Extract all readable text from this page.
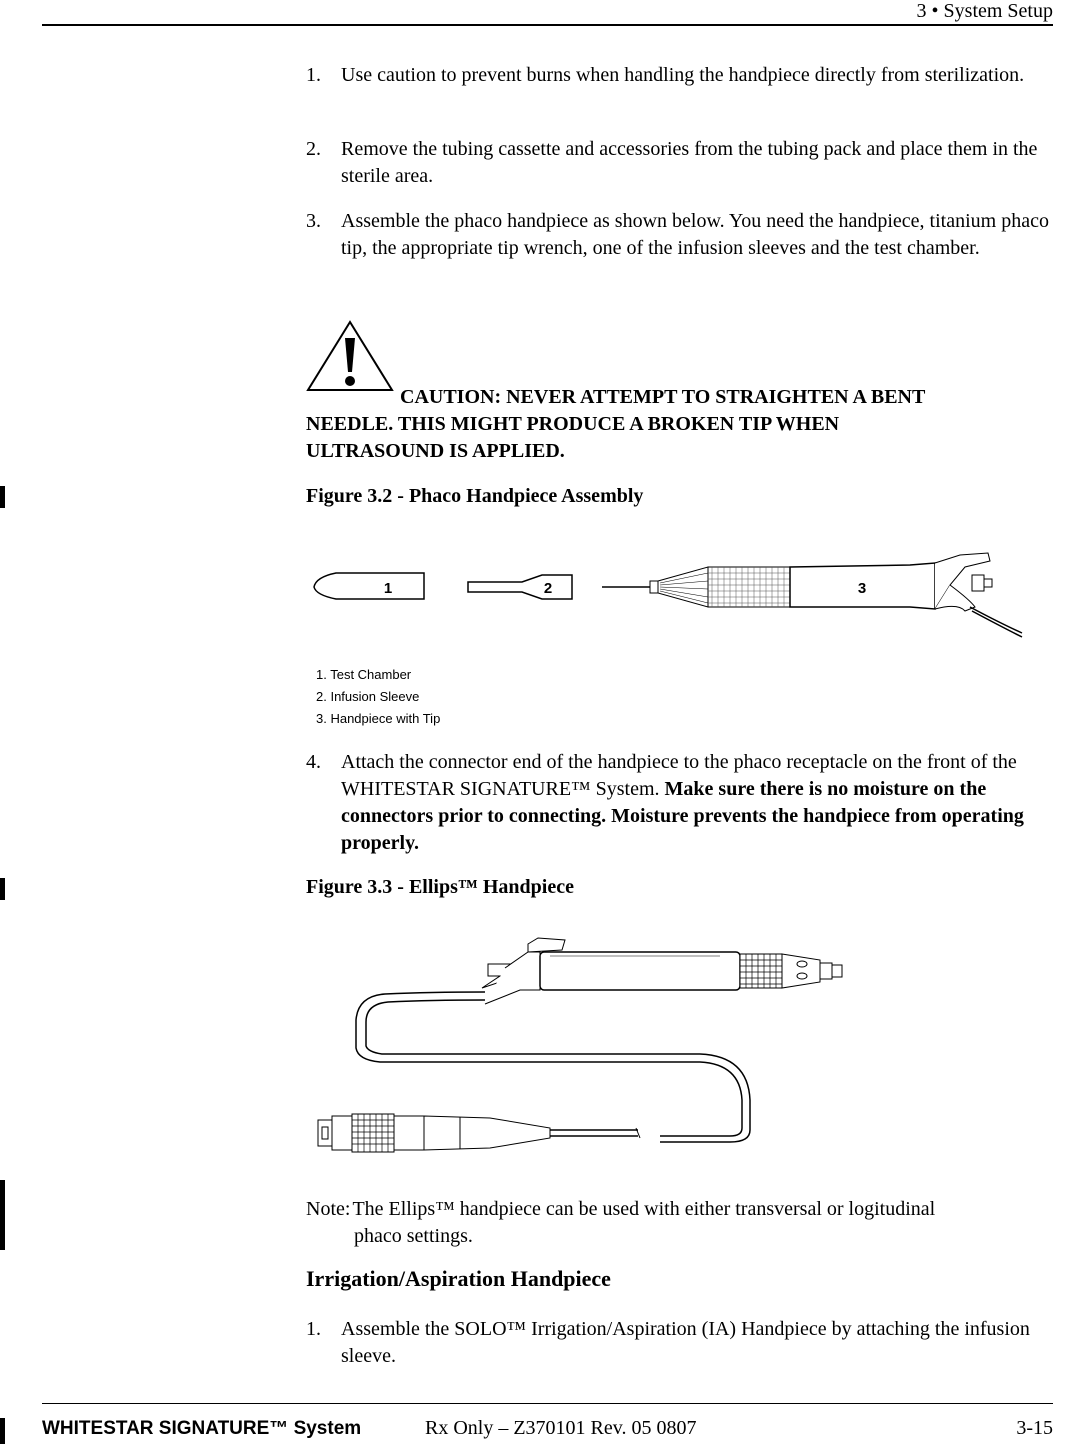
3 • System Setup
1. Use caution to prevent burns when handling the handpiece directly from sterilization.
2. Remove the tubing cassette and accessories from the tubing pack and place them in the sterile area.
3. Assemble the phaco handpiece as shown below. You need the handpiece, titanium phaco tip, the appropriate tip wrench, one of the infusion sleeves and the test chamber.
CAUTION: NEVER ATTEMPT TO STRAIGHTEN A BENT
NEEDLE. THIS MIGHT PRODUCE A BROKEN TIP WHEN
ULTRASOUND IS APPLIED.
Figure 3.2 - Phaco Handpiece Assembly
1	2	3
1. Test Chamber
2. Infusion Sleeve
3. Handpiece with Tip
4. Attach the connector end of the handpiece to the phaco receptacle on the front of the WHITESTAR SIGNATURE™ System. Make sure there is no moisture on the connectors prior to connecting. Moisture prevents the handpiece from operating properly.
Figure 3.3 - Ellips™ Handpiece
Note: The Ellips™ handpiece can be used with either transversal or logitudinal
phaco settings.
Irrigation/Aspiration Handpiece
1. Assemble the SOLO™ Irrigation/Aspiration (IA) Handpiece by attaching the infusion sleeve.
WHITESTAR SIGNATURE™ System	Rx Only – Z370101 Rev. 05 0807	3-15
